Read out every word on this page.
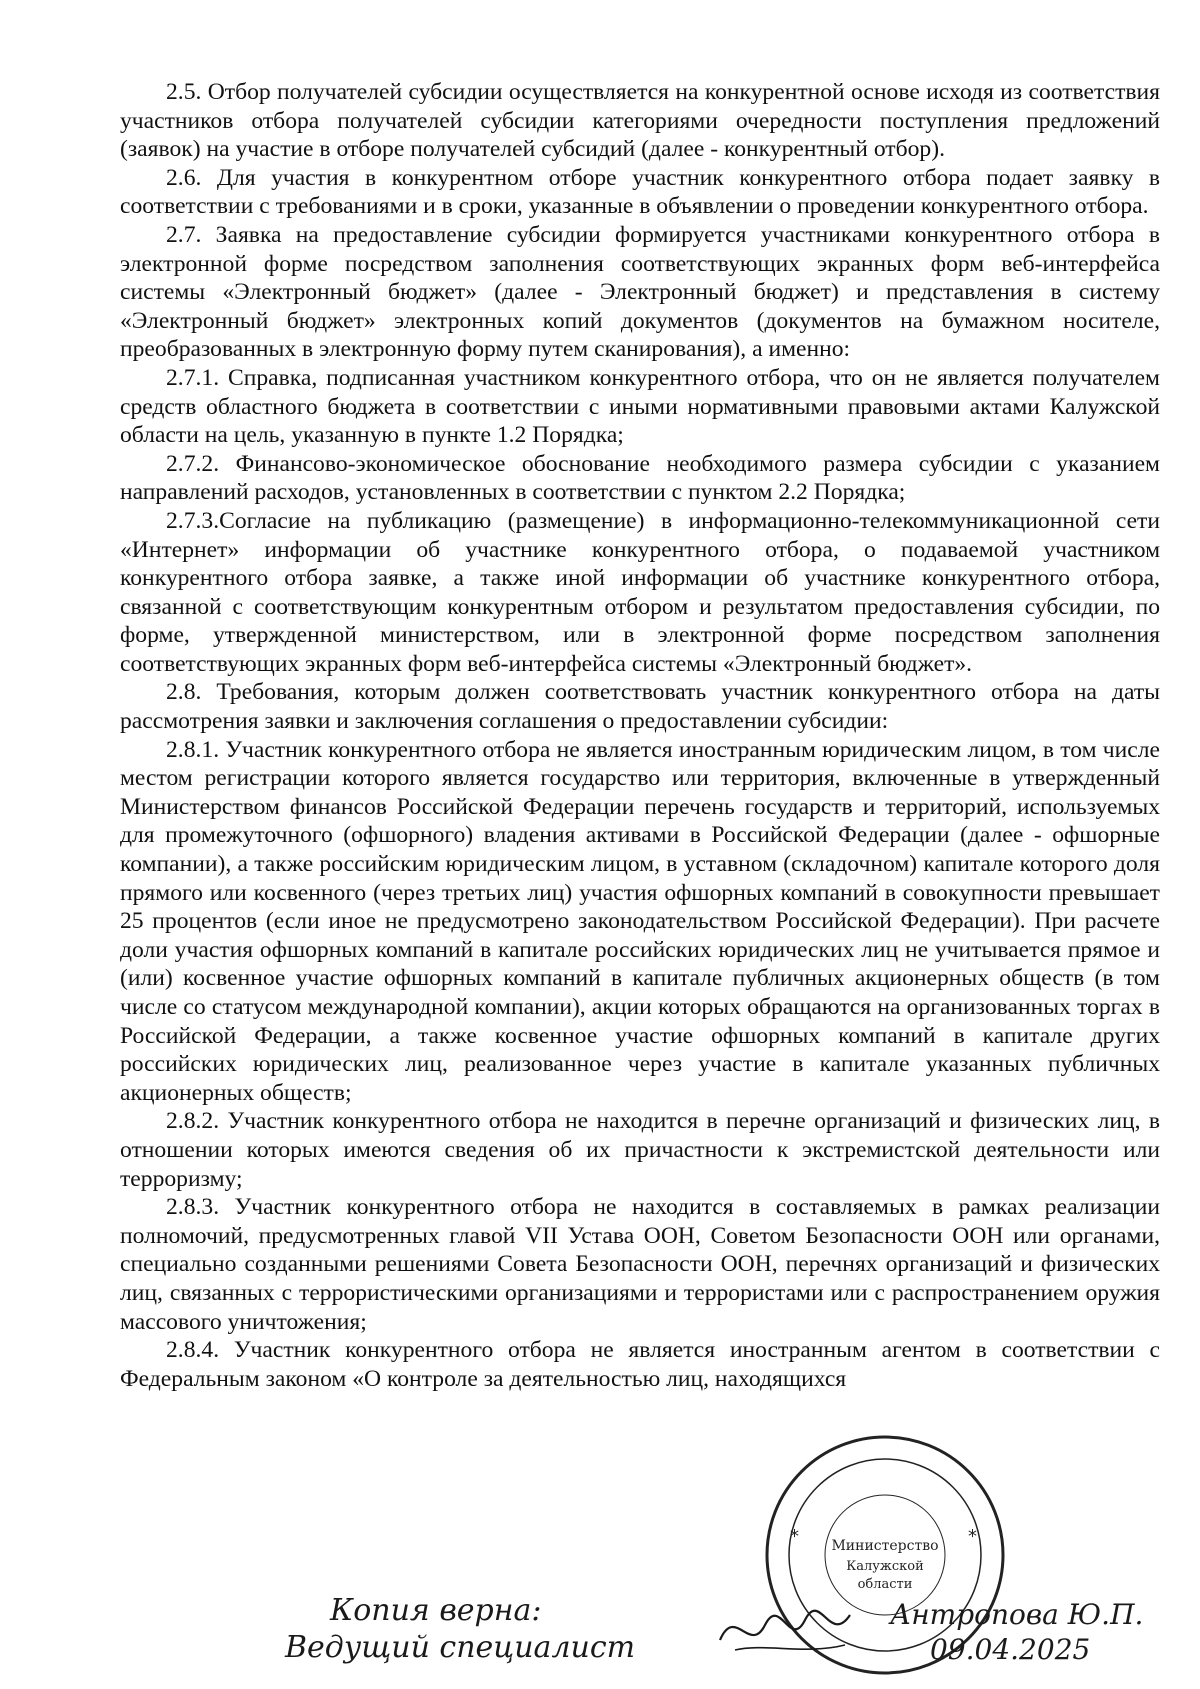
2.5. Отбор получателей субсидии осуществляется на конкурентной основе исходя из соответствия участников отбора получателей субсидии категориями очередности поступления предложений (заявок) на участие в отборе получателей субсидий (далее - конкурентный отбор).

2.6. Для участия в конкурентном отборе участник конкурентного отбора подает заявку в соответствии с требованиями и в сроки, указанные в объявлении о проведении конкурентного отбора.

2.7. Заявка на предоставление субсидии формируется участниками конкурентного отбора в электронной форме посредством заполнения соответствующих экранных форм веб-интерфейса системы «Электронный бюджет» (далее - Электронный бюджет) и представления в систему «Электронный бюджет» электронных копий документов (документов на бумажном носителе, преобразованных в электронную форму путем сканирования), а именно:

2.7.1. Справка, подписанная участником конкурентного отбора, что он не является получателем средств областного бюджета в соответствии с иными нормативными правовыми актами Калужской области на цель, указанную в пункте 1.2 Порядка;

2.7.2. Финансово-экономическое обоснование необходимого размера субсидии с указанием направлений расходов, установленных в соответствии с пунктом 2.2 Порядка;

2.7.3.Согласие на публикацию (размещение) в информационно-телекоммуникационной сети «Интернет» информации об участнике конкурентного отбора, о подаваемой участником конкурентного отбора заявке, а также иной информации об участнике конкурентного отбора, связанной с соответствующим конкурентным отбором и результатом предоставления субсидии, по форме, утвержденной министерством, или в электронной форме посредством заполнения соответствующих экранных форм веб-интерфейса системы «Электронный бюджет».

2.8. Требования, которым должен соответствовать участник конкурентного отбора на даты рассмотрения заявки и заключения соглашения о предоставлении субсидии:

2.8.1. Участник конкурентного отбора не является иностранным юридическим лицом, в том числе местом регистрации которого является государство или территория, включенные в утвержденный Министерством финансов Российской Федерации перечень государств и территорий, используемых для промежуточного (офшорного) владения активами в Российской Федерации (далее - офшорные компании), а также российским юридическим лицом, в уставном (складочном) капитале которого доля прямого или косвенного (через третьих лиц) участия офшорных компаний в совокупности превышает 25 процентов (если иное не предусмотрено законодательством Российской Федерации). При расчете доли участия офшорных компаний в капитале российских юридических лиц не учитывается прямое и (или) косвенное участие офшорных компаний в капитале публичных акционерных обществ (в том числе со статусом международной компании), акции которых обращаются на организованных торгах в Российской Федерации, а также косвенное участие офшорных компаний в капитале других российских юридических лиц, реализованное через участие в капитале указанных публичных акционерных обществ;

2.8.2. Участник конкурентного отбора не находится в перечне организаций и физических лиц, в отношении которых имеются сведения об их причастности к экстремистской деятельности или терроризму;

2.8.3. Участник конкурентного отбора не находится в составляемых в рамках реализации полномочий, предусмотренных главой VII Устава ООН, Советом Безопасности ООН или органами, специально созданными решениями Совета Безопасности ООН, перечнях организаций и физических лиц, связанных с террористическими организациями и террористами или с распространением оружия массового уничтожения;

2.8.4. Участник конкурентного отбора не является иностранным агентом в соответствии с Федеральным законом «О контроле за деятельностью лиц, находящихся

Министерство
Калужской
области
*	*
Копия верна:
Ведущий специалист
Антропова Ю.П.
09.04.2025
